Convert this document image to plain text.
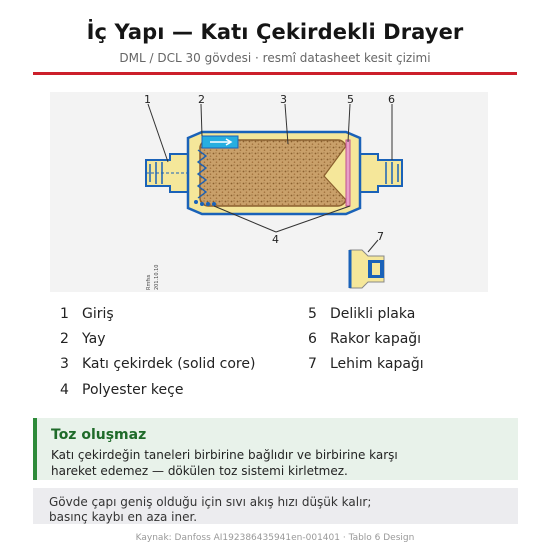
İç Yapı — Katı Çekirdekli Drayer
DML / DCL 30 gövdesi · resmî datasheet kesit çizimi
1	2	3	5	6
4	7
Rmfss 201.10.10
1 Giriş
2 Yay
3 Katı çekirdek (solid core)
4 Polyester keçe
5 Delikli plaka
6 Rakor kapağı
7 Lehim kapağı
Toz oluşmaz
Katı çekirdeğin taneleri birbirine bağlıdır ve birbirine karşı hareket edemez — dökülen toz sistemi kirletmez.
Gövde çapı geniş olduğu için sıvı akış hızı düşük kalır; basınç kaybı en aza iner.
Kaynak: Danfoss AI192386435941en-001401 · Tablo 6 Design
